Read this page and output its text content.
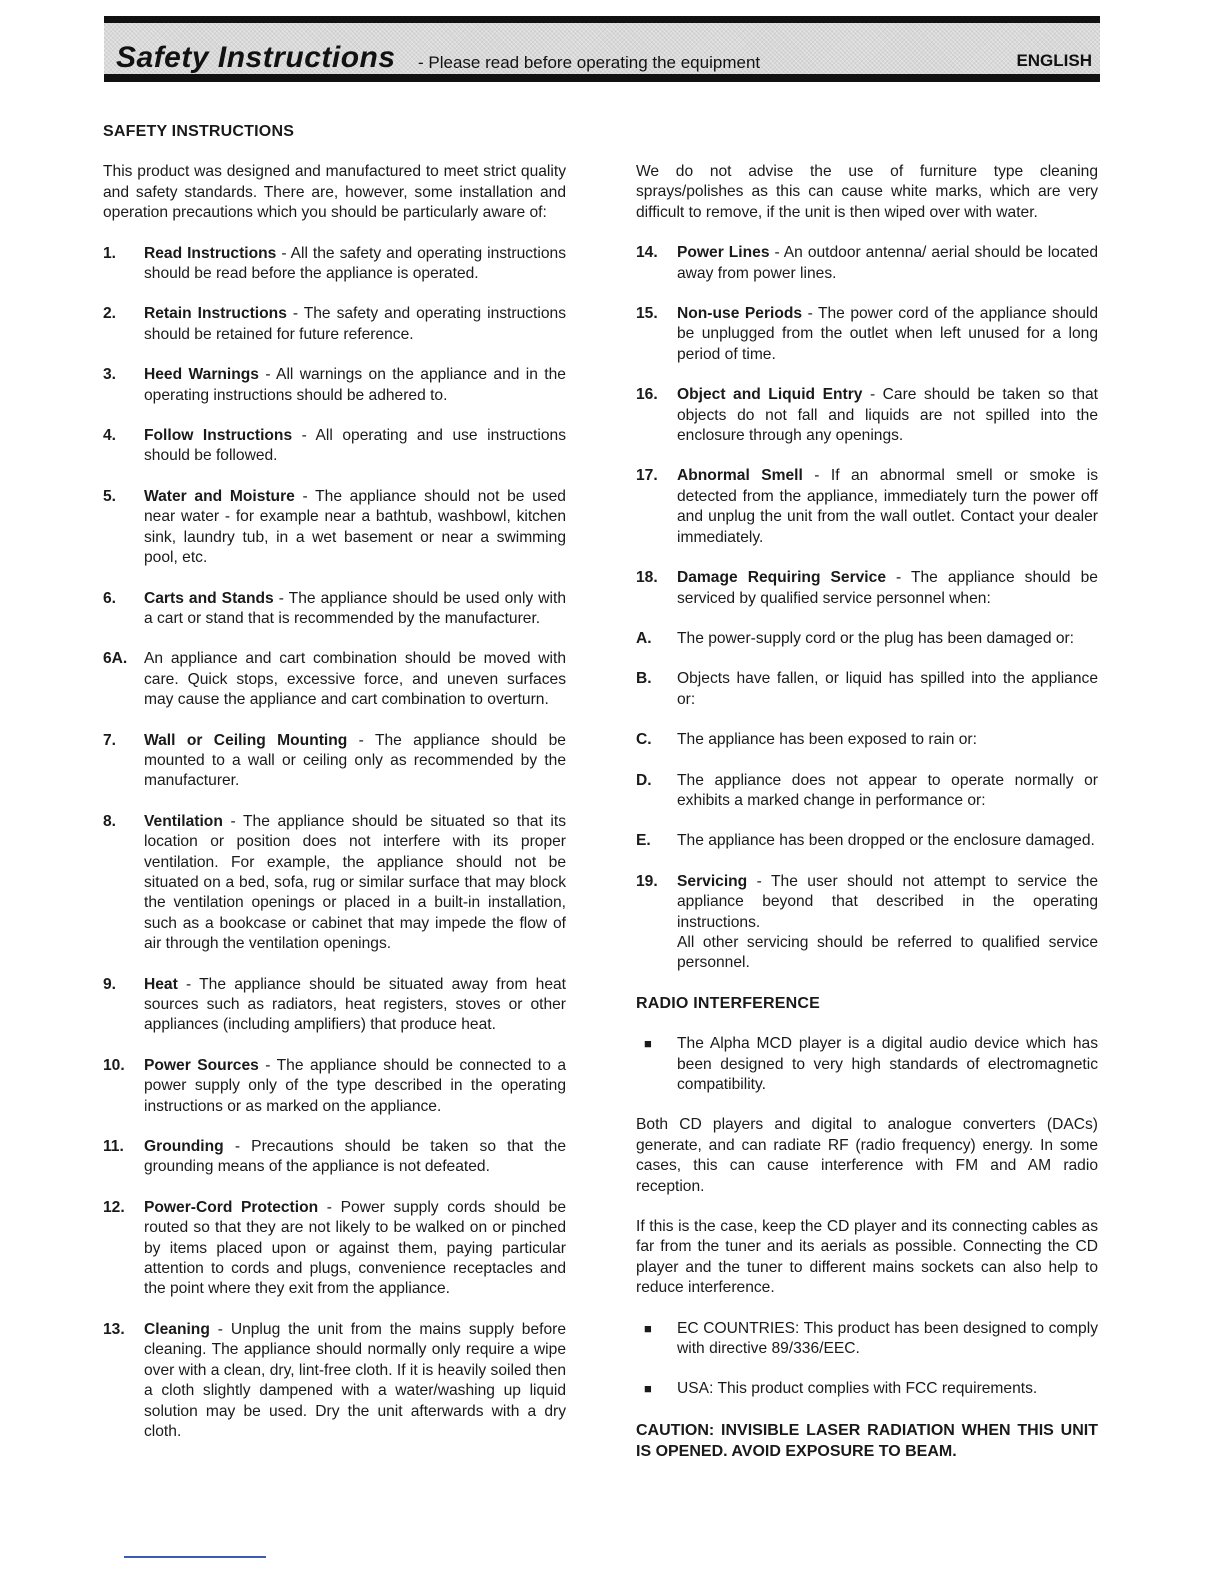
Safety Instructions - Please read before operating the equipment	ENGLISH
SAFETY INSTRUCTIONS

This product was designed and manufactured to meet strict quality and safety standards. There are, however, some installation and operation precautions which you should be particularly aware of:

1. Read Instructions - All the safety and operating instructions should be read before the appliance is operated.
2. Retain Instructions - The safety and operating instructions should be retained for future reference.
3. Heed Warnings - All warnings on the appliance and in the operating instructions should be adhered to.
4. Follow Instructions - All operating and use instructions should be followed.
5. Water and Moisture - The appliance should not be used near water - for example near a bathtub, washbowl, kitchen sink, laundry tub, in a wet basement or near a swimming pool, etc.
6. Carts and Stands - The appliance should be used only with a cart or stand that is recommended by the manufacturer.
6A. An appliance and cart combination should be moved with care. Quick stops, excessive force, and uneven surfaces may cause the appliance and cart combination to overturn.
7. Wall or Ceiling Mounting - The appliance should be mounted to a wall or ceiling only as recommended by the manufacturer.
8. Ventilation - The appliance should be situated so that its location or position does not interfere with its proper ventilation. For example, the appliance should not be situated on a bed, sofa, rug or similar surface that may block the ventilation openings or placed in a built-in installation, such as a bookcase or cabinet that may impede the flow of air through the ventilation openings.
9. Heat - The appliance should be situated away from heat sources such as radiators, heat registers, stoves or other appliances (including amplifiers) that produce heat.
10. Power Sources - The appliance should be connected to a power supply only of the type described in the operating instructions or as marked on the appliance.
11. Grounding - Precautions should be taken so that the grounding means of the appliance is not defeated.
12. Power-Cord Protection - Power supply cords should be routed so that they are not likely to be walked on or pinched by items placed upon or against them, paying particular attention to cords and plugs, convenience receptacles and the point where they exit from the appliance.
13. Cleaning - Unplug the unit from the mains supply before cleaning. The appliance should normally only require a wipe over with a clean, dry, lint-free cloth. If it is heavily soiled then a cloth slightly dampened with a water/washing up liquid solution may be used. Dry the unit afterwards with a dry cloth.

We do not advise the use of furniture type cleaning sprays/polishes as this can cause white marks, which are very difficult to remove, if the unit is then wiped over with water.

14. Power Lines - An outdoor antenna/ aerial should be located away from power lines.
15. Non-use Periods - The power cord of the appliance should be unplugged from the outlet when left unused for a long period of time.
16. Object and Liquid Entry - Care should be taken so that objects do not fall and liquids are not spilled into the enclosure through any openings.
17. Abnormal Smell - If an abnormal smell or smoke is detected from the appliance, immediately turn the power off and unplug the unit from the wall outlet. Contact your dealer immediately.
18. Damage Requiring Service - The appliance should be serviced by qualified service personnel when:
A. The power-supply cord or the plug has been damaged or:
B. Objects have fallen, or liquid has spilled into the appliance or:
C. The appliance has been exposed to rain or:
D. The appliance does not appear to operate normally or exhibits a marked change in performance or:
E. The appliance has been dropped or the enclosure damaged.
19. Servicing - The user should not attempt to service the appliance beyond that described in the operating instructions.
All other servicing should be referred to qualified service personnel.
RADIO INTERFERENCE
■ The Alpha MCD player is a digital audio device which has been designed to very high standards of electromagnetic compatibility.

Both CD players and digital to analogue converters (DACs) generate, and can radiate RF (radio frequency) energy. In some cases, this can cause interference with FM and AM radio reception.

If this is the case, keep the CD player and its connecting cables as far from the tuner and its aerials as possible. Connecting the CD player and the tuner to different mains sockets can also help to reduce interference.

■ EC COUNTRIES: This product has been designed to comply with directive 89/336/EEC.
■ USA: This product complies with FCC requirements.

CAUTION: INVISIBLE LASER RADIATION WHEN THIS UNIT IS OPENED. AVOID EXPOSURE TO BEAM.
